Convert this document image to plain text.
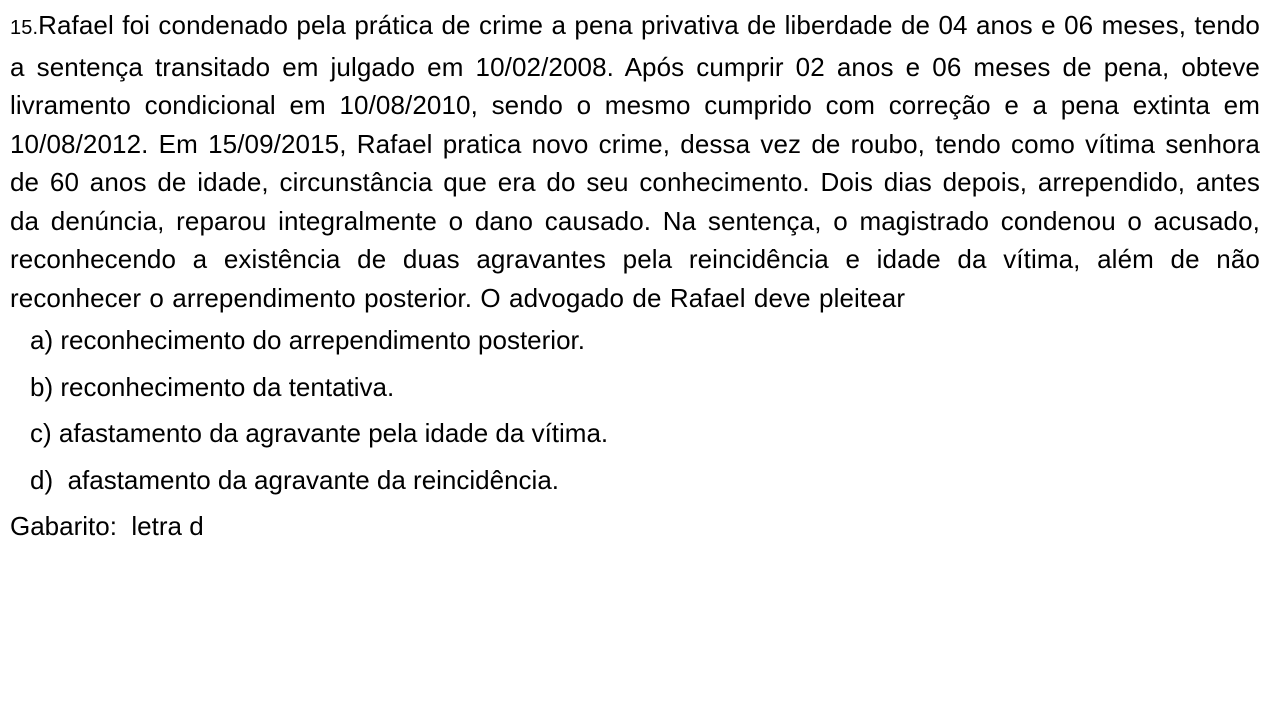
15.Rafael foi condenado pela prática de crime a pena privativa de liberdade de 04 anos e 06 meses, tendo a sentença transitado em julgado em 10/02/2008. Após cumprir 02 anos e 06 meses de pena, obteve livramento condicional em 10/08/2010, sendo o mesmo cumprido com correção e a pena extinta em 10/08/2012. Em 15/09/2015, Rafael pratica novo crime, dessa vez de roubo, tendo como vítima senhora de 60 anos de idade, circunstância que era do seu conhecimento. Dois dias depois, arrependido, antes da denúncia, reparou integralmente o dano causado. Na sentença, o magistrado condenou o acusado, reconhecendo a existência de duas agravantes pela reincidência e idade da vítima, além de não reconhecer o arrependimento posterior. O advogado de Rafael deve pleitear

a) reconhecimento do arrependimento posterior.
b) reconhecimento da tentativa.
c) afastamento da agravante pela idade da vítima.
d)  afastamento da agravante da reincidência.
Gabarito:  letra d
